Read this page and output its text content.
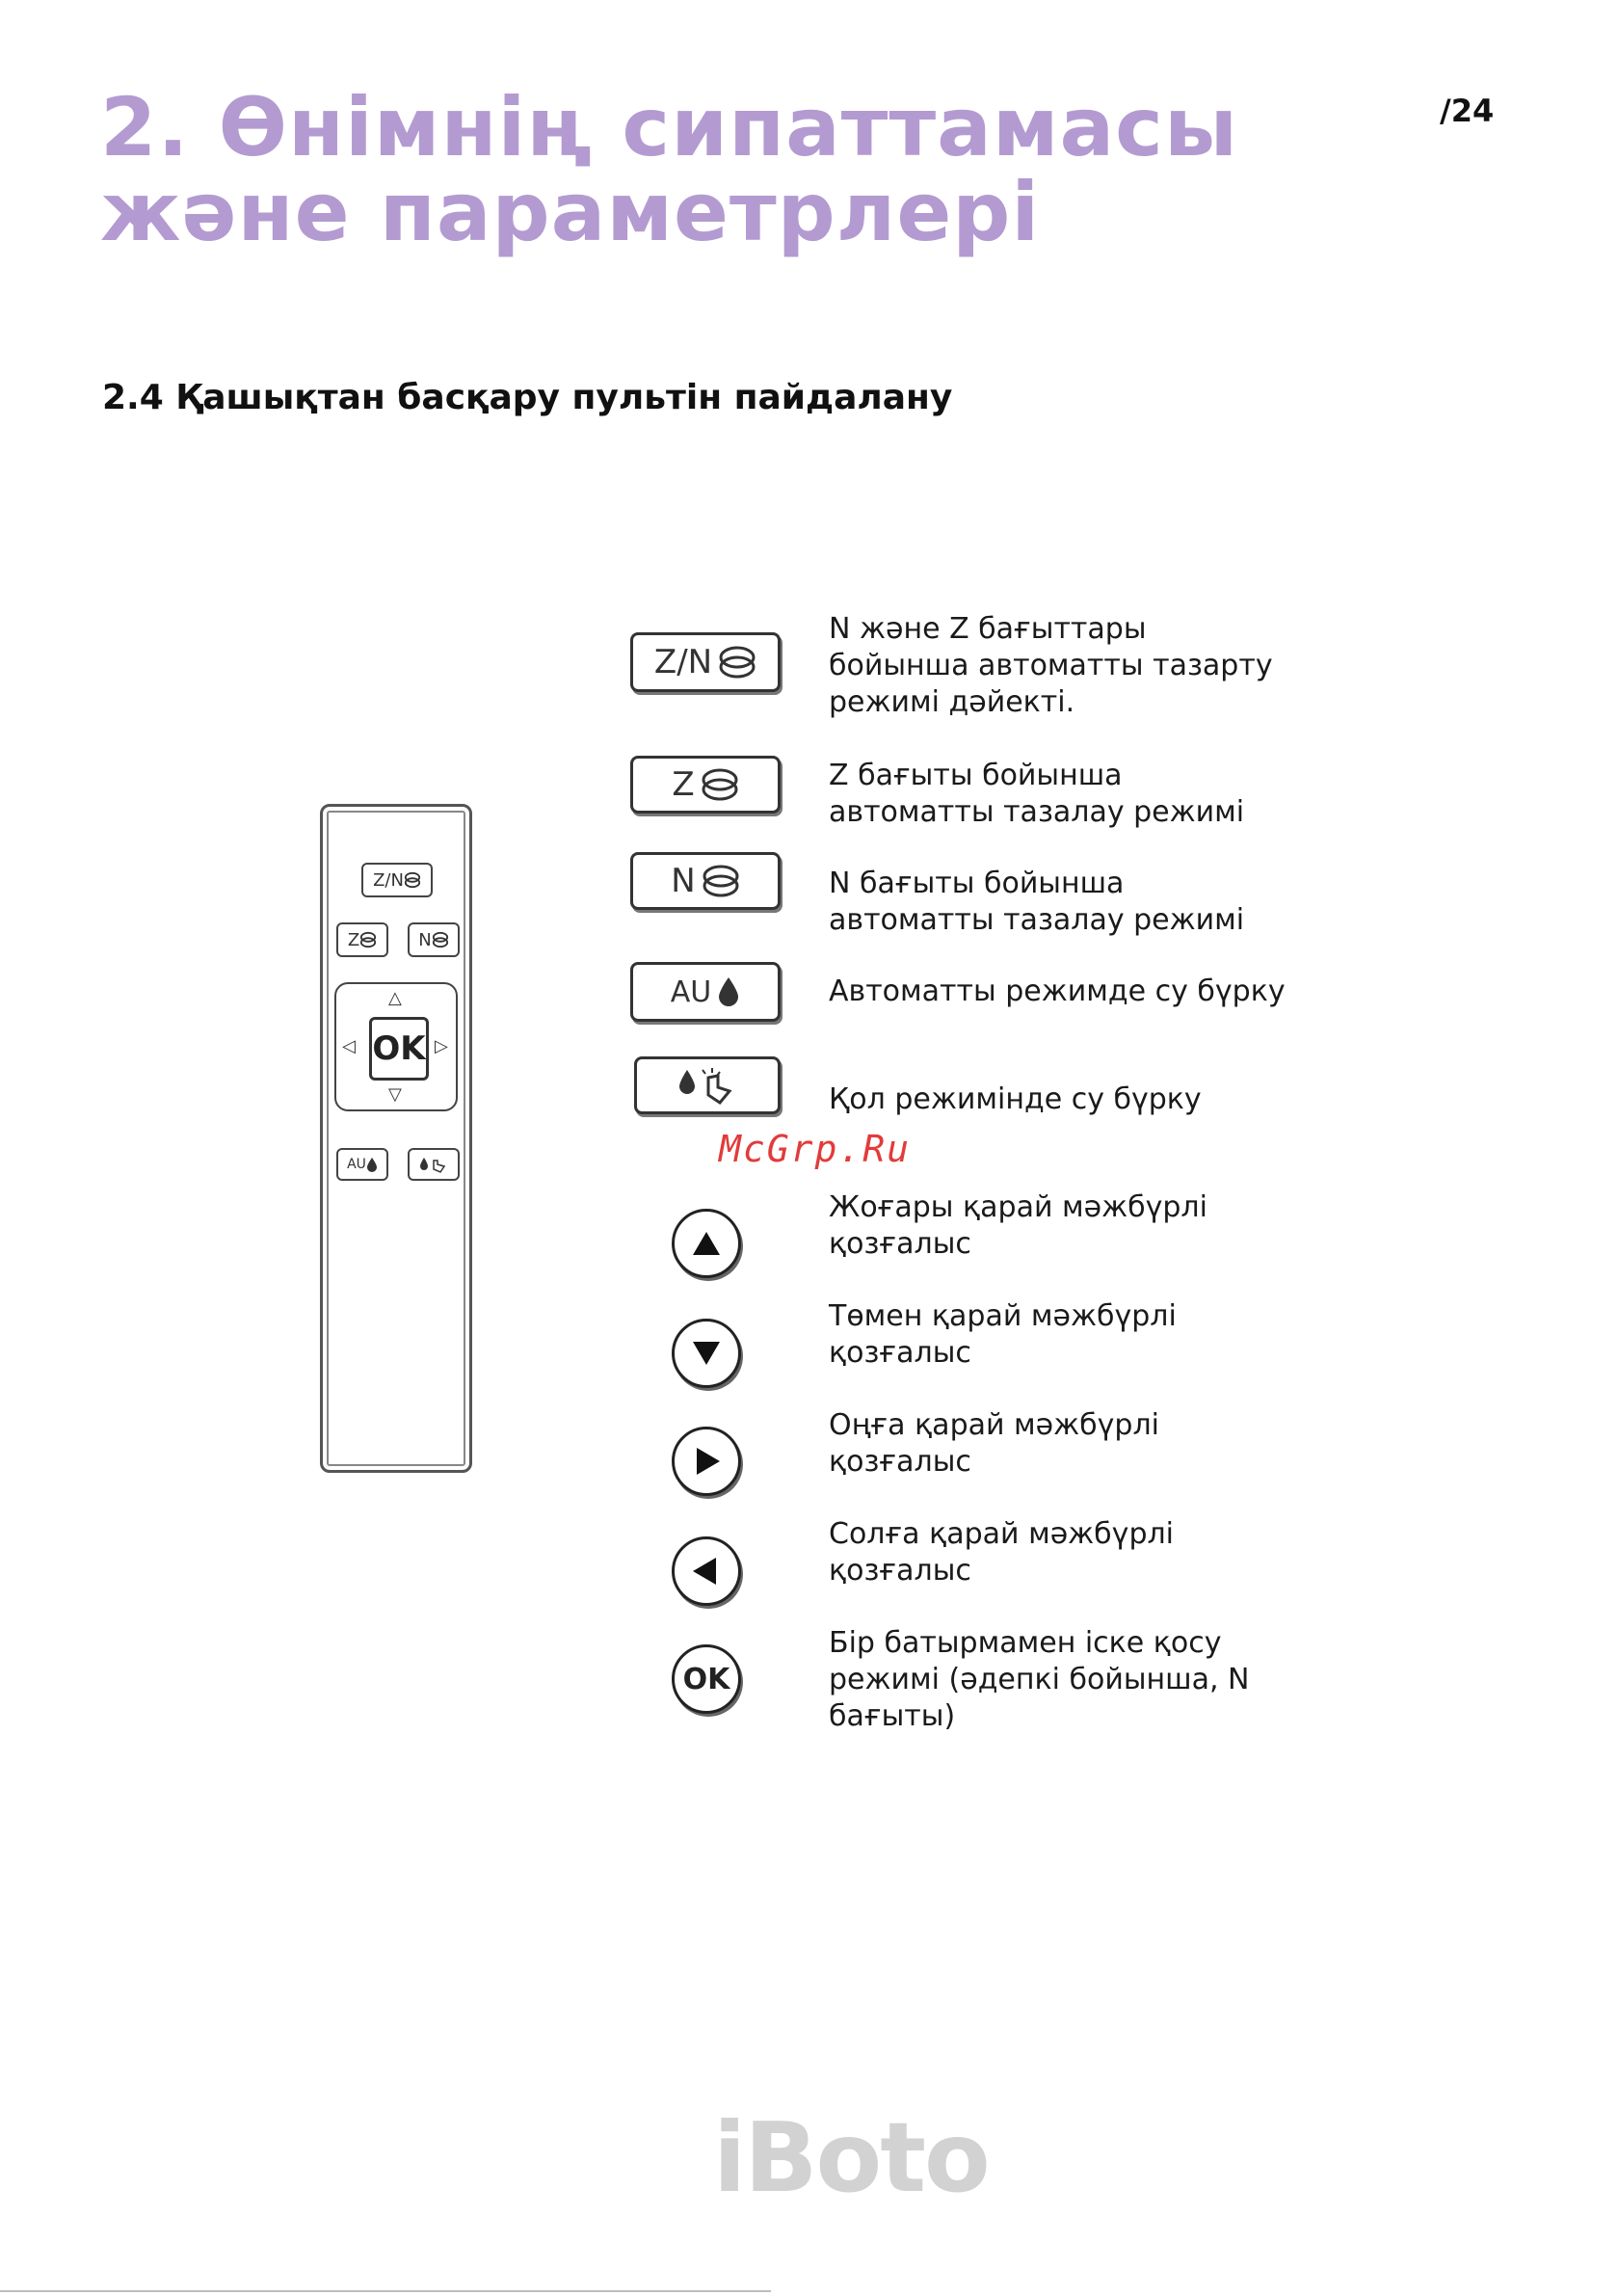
2. Өнімнің сипаттамасы және параметрлері
/24
2.4 Қашықтан басқару пультін пайдалану
Z/N
Z	N
△
▽
◁	▷
OK
AU
Z/N
Z
N
AU
OK
N және Z бағыттары бойынша автоматты тазарту режимі дәйекті.
Z бағыты бойынша автоматты тазалау режимі
N бағыты бойынша автоматты тазалау режимі
Автоматты режимде су бүрку
Қол режимінде су бүрку
McGrp.Ru
Жоғары қарай мәжбүрлі қозғалыс
Төмен қарай мәжбүрлі қозғалыс
Оңға қарай мәжбүрлі қозғалыс
Солға қарай мәжбүрлі қозғалыс
Бір батырмамен іске қосу режимі (әдепкі бойынша, N бағыты)
iBoto
